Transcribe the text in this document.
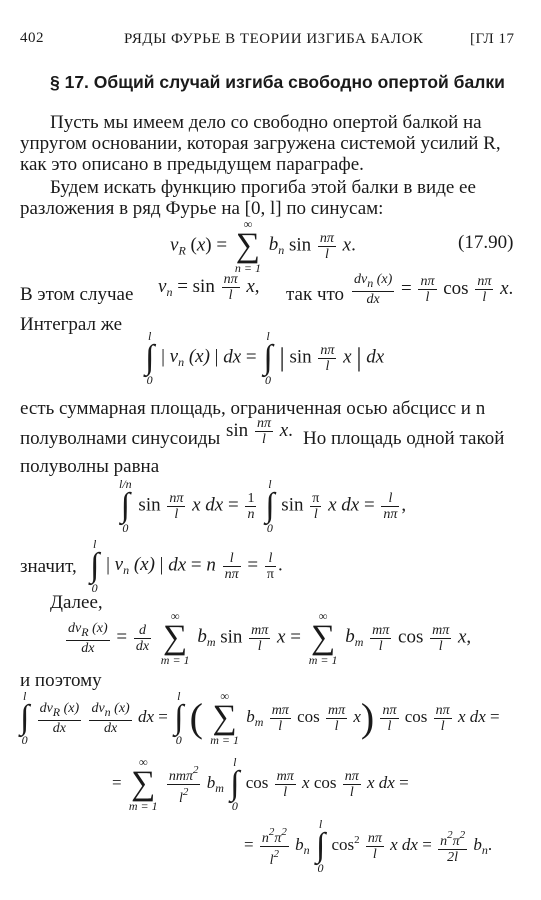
402	РЯДЫ ФУРЬЕ В ТЕОРИИ ИЗГИБА БАЛОК	[ГЛ 17
§ 17. Общий случай изгиба свободно опертой балки
Пусть мы имеем дело со свободно опертой балкой на
упругом основании, которая загружена системой усилий R,
как это описано в предыдущем параграфе.
Будем искать функцию прогиба этой балки в виде ее
разложения в ряд Фурье на [0, l] по синусам:
$v_R$ (x) =
∞
∑
n = 1
$b_n$ $\sin \frac{n\pi}{l} x$.	(17.90)
В этом случае $v_n = \sin \frac{n\pi}{l} x$, так что $\frac{\text{dvn (x)}}{dx} = \frac{n\pi}{l}$ $\cos \frac{n\pi}{l} x$.
Интеграл же
l
∫
0
| $v_n$ (x) | dx =
l
∫
0
| $\sin \frac{n\pi}{l}$ x | dx
есть суммарная площадь, ограниченная осью абсцисс и n
полуволнами синусоиды $\sin \frac{n\pi}{l} x$. Но площадь одной такой
полуволны равна
l/n
∫
0
$\sin \frac{n\pi}{l}$ x dx = $\frac{1}{n}$

l
∫
0
$\sin \frac{\pi}{l}$ x dx = $\frac{l}{n\pi}$ ,
значит,
l
∫
0
| $v_n$ (x) | dx = n $\frac{l}{n\pi} = \frac{l}{\pi}$ .
Далее,
$\frac{\text{dvR (x)}}{dx} = \frac{d}{dx}$

∞
∑
m = 1
$b_m$ $\sin \frac{m\pi}{l}$ x =
∞
∑
m = 1
$b_m \frac{m\pi}{l}$ $\cos \frac{m\pi}{l} x$,
и поэтому
l
∫
0

$\frac{\text{dvR (x)}}{dx}$
$\frac{\text{dvn (x)}}{dx}$ dx =
l
∫
0 (	∞
∑
m = 1
$b_m \frac{m\pi}{l}$ $\cos \frac{m\pi}{l} x) \frac{n\pi}{l}$ $\cos \frac{n\pi}{l}$ x dx =
=
∞
∑
m = 1

$\frac{nm\pi^2}{l^2} b_m$
l
∫
0
$\cos \frac{m\pi}{l}$ x $\cos \frac{n\pi}{l}$ x dx =
= $\frac{n^2\pi^2}{l^2} b_n$
l
∫
0
$\cos^2 \frac{n\pi}{l}$ x dx = $\frac{n^2\pi^2}{2l} b_n$.
